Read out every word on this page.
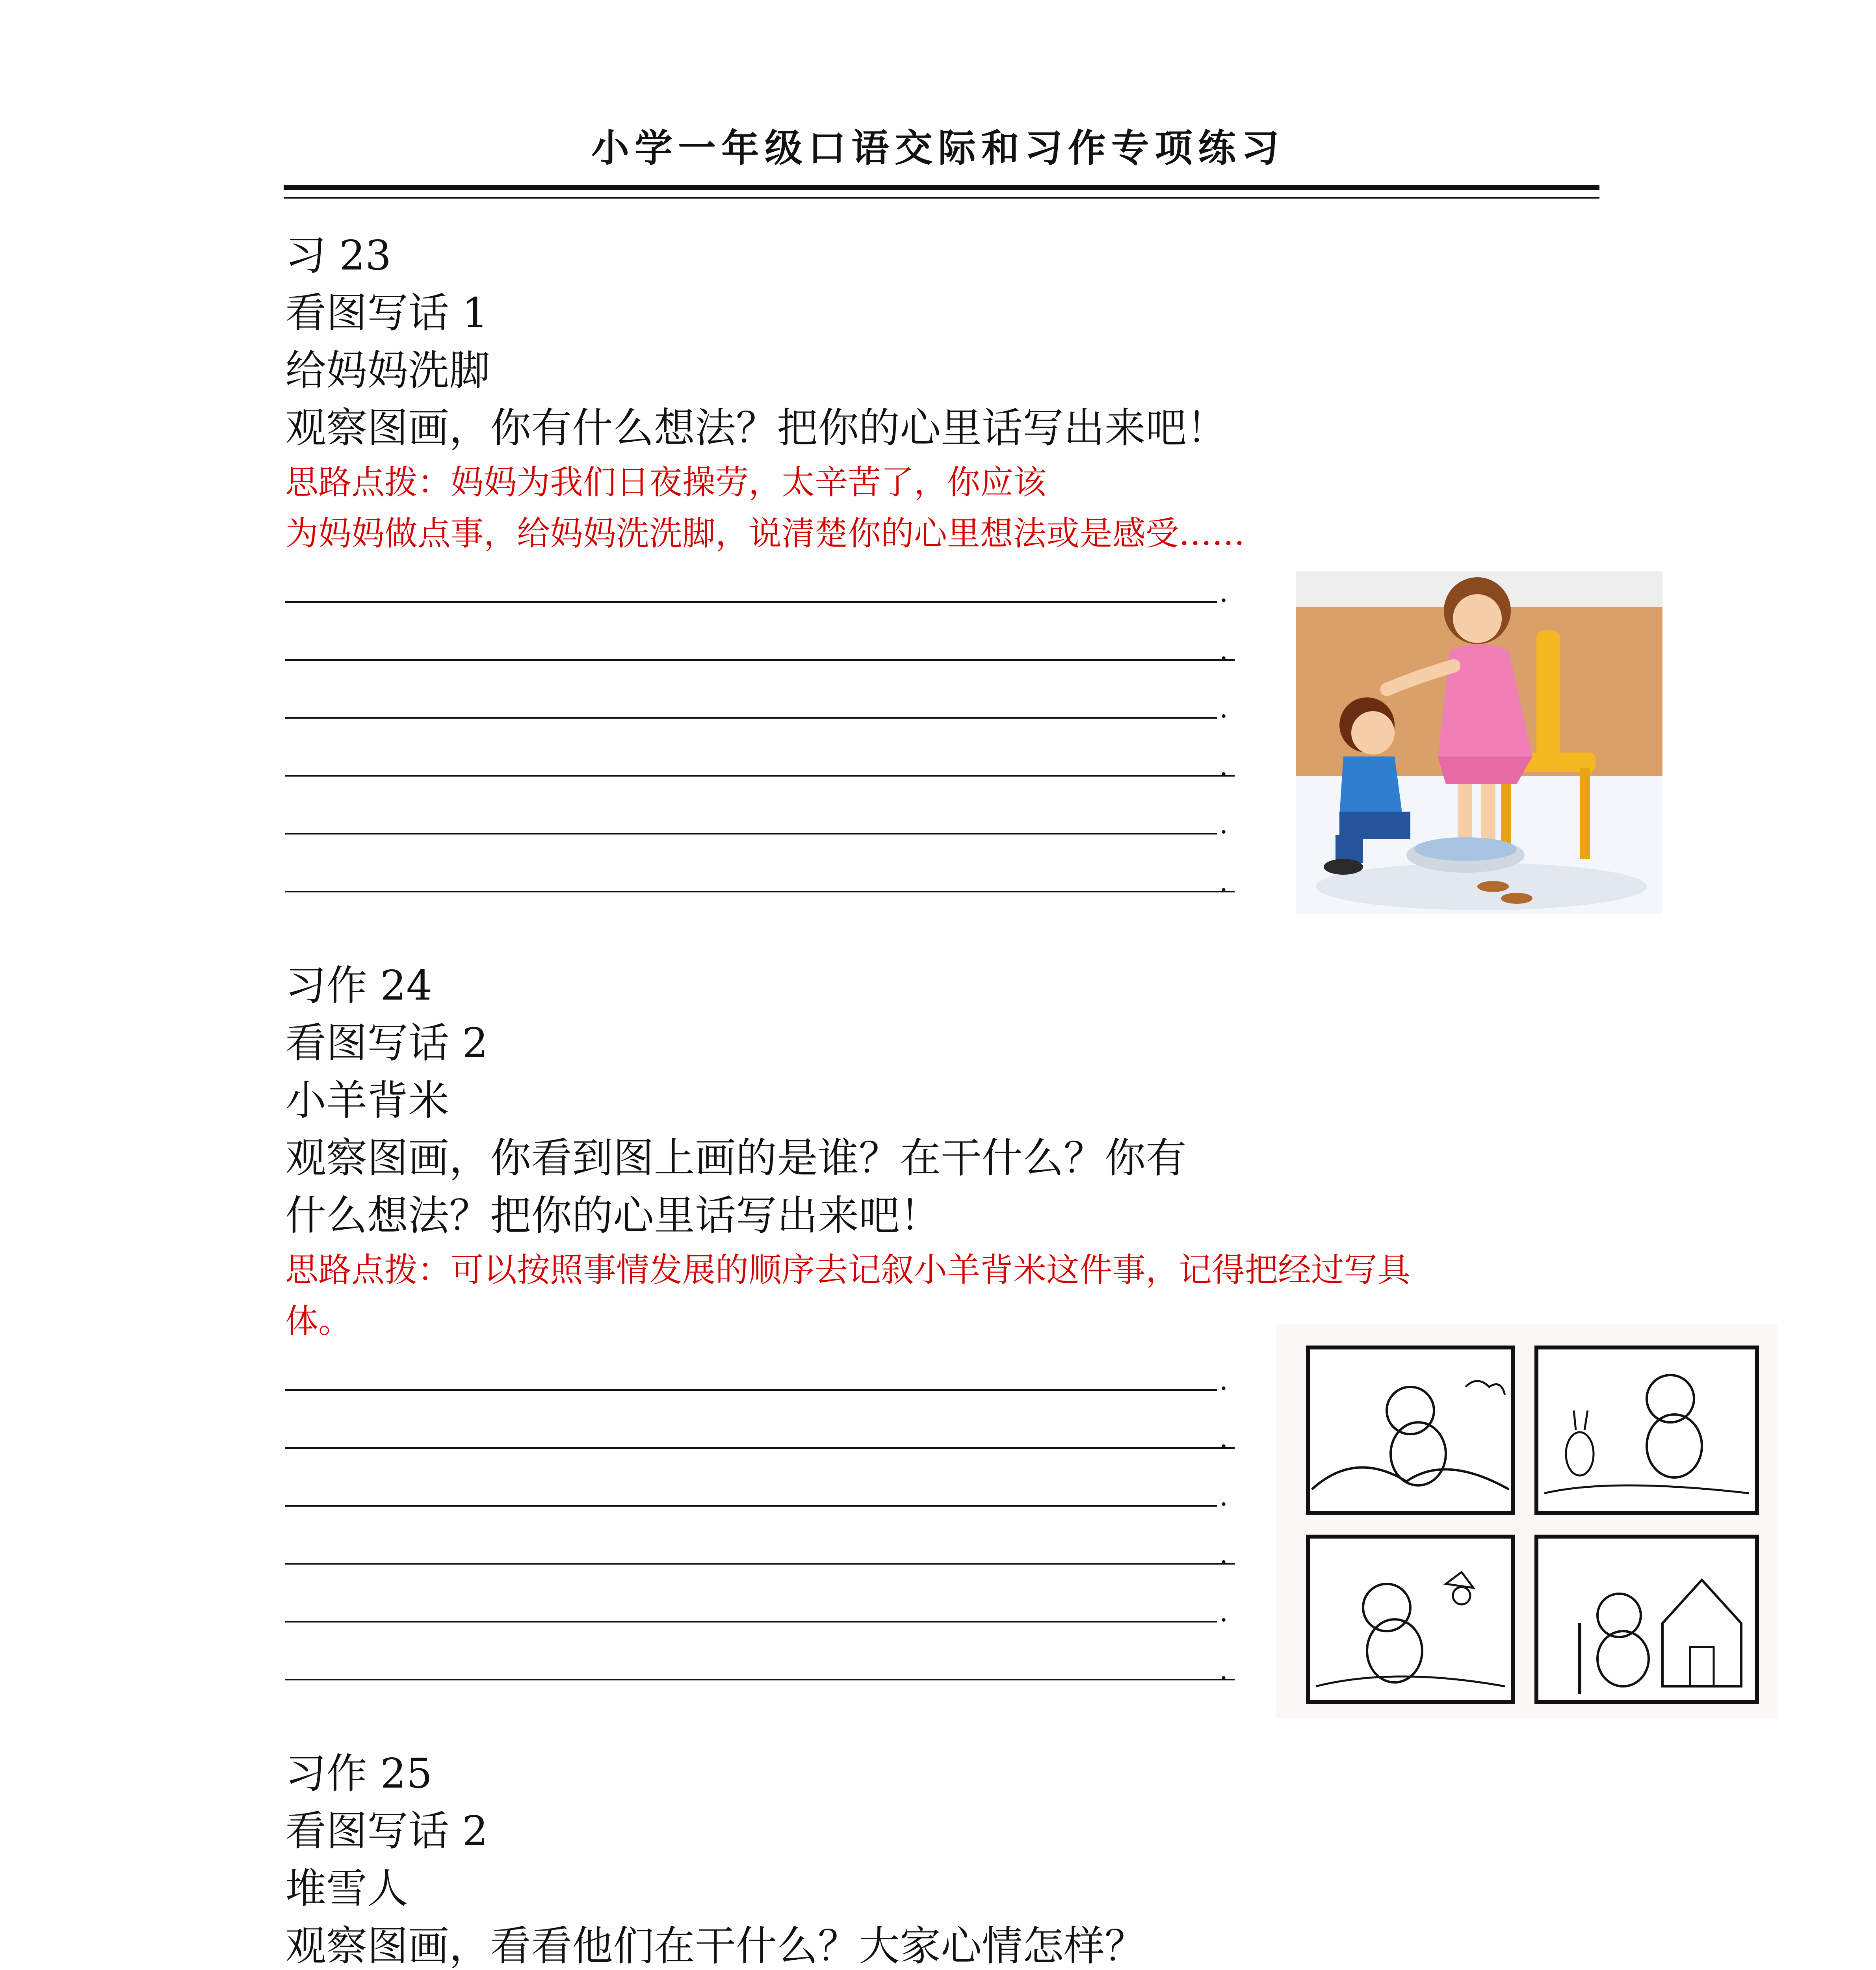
小学一年级口语交际和习作专项练习
习 23
看图写话 1
给妈妈洗脚
观察图画，你有什么想法？把你的心里话写出来吧！
思路点拨：妈妈为我们日夜操劳，太辛苦了，你应该
为妈妈做点事，给妈妈洗洗脚，说清楚你的心里想法或是感受……
.
.
.
.
.
.
习作 24
看图写话 2
小羊背米
观察图画，你看到图上画的是谁？在干什么？你有
什么想法？把你的心里话写出来吧！
思路点拨：可以按照事情发展的顺序去记叙小羊背米这件事，记得把经过写具
体。
.
.
.
.
.
.
习作 25
看图写话 2
堆雪人
观察图画，看看他们在干什么？大家心情怎样？
